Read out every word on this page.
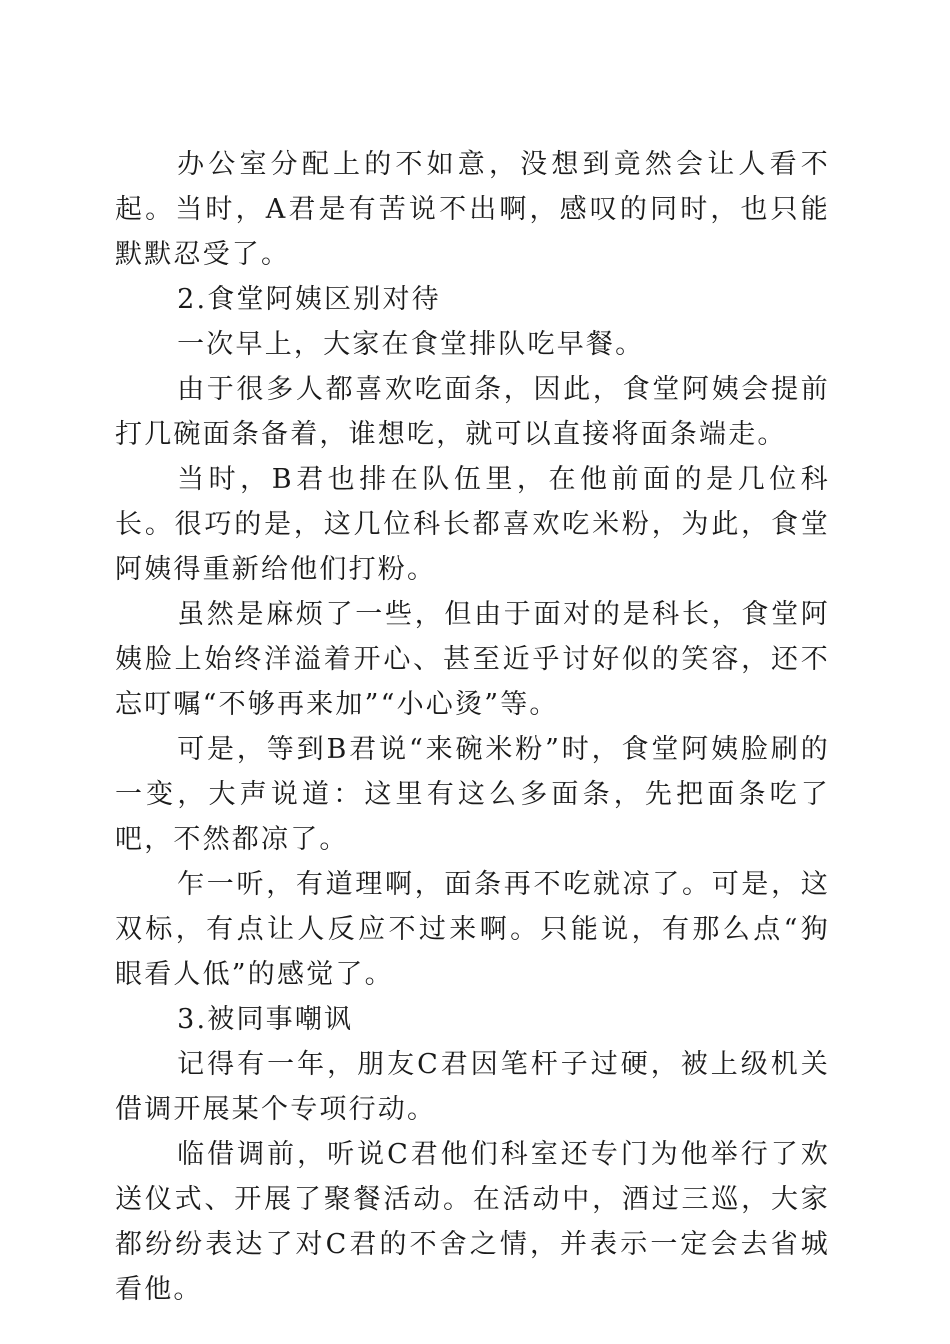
办公室分配上的不如意，没想到竟然会让人看不起。当时，A君是有苦说不出啊，感叹的同时，也只能默默忍受了。

2.食堂阿姨区别对待

一次早上，大家在食堂排队吃早餐。

由于很多人都喜欢吃面条，因此，食堂阿姨会提前打几碗面条备着，谁想吃，就可以直接将面条端走。

当时，B君也排在队伍里，在他前面的是几位科长。很巧的是，这几位科长都喜欢吃米粉，为此，食堂阿姨得重新给他们打粉。

虽然是麻烦了一些，但由于面对的是科长，食堂阿姨脸上始终洋溢着开心、甚至近乎讨好似的笑容，还不忘叮嘱“不够再来加”“小心烫”等。

可是，等到B君说“来碗米粉”时，食堂阿姨脸刷的一变，大声说道：这里有这么多面条，先把面条吃了吧，不然都凉了。

乍一听，有道理啊，面条再不吃就凉了。可是，这双标，有点让人反应不过来啊。只能说，有那么点“狗眼看人低”的感觉了。

3.被同事嘲讽

记得有一年，朋友C君因笔杆子过硬，被上级机关借调开展某个专项行动。

临借调前，听说C君他们科室还专门为他举行了欢送仪式、开展了聚餐活动。在活动中，酒过三巡，大家都纷纷表达了对C君的不舍之情，并表示一定会去省城看他。
